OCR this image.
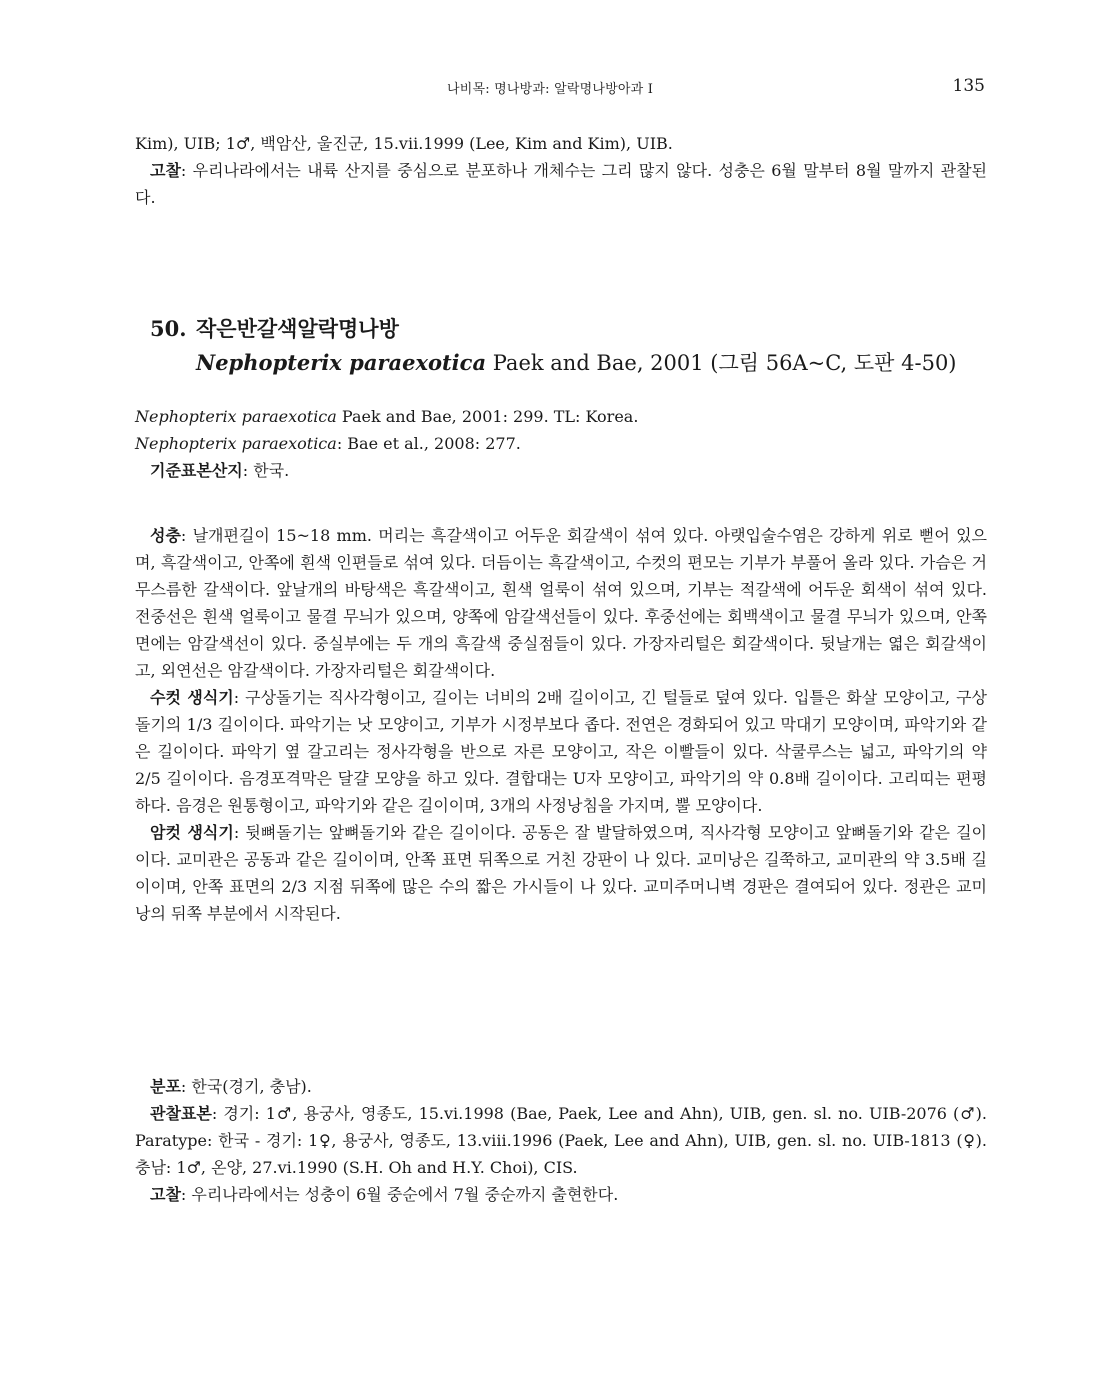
나비목: 명나방과: 알락명나방아과 I	135

Kim), UIB; 1♂, 백암산, 울진군, 15.vii.1999 (Lee, Kim and Kim), UIB.

고찰: 우리나라에서는 내륙 산지를 중심으로 분포하나 개체수는 그리 많지 않다. 성충은 6월 말부터 8월 말까지 관찰된다.

50. 작은반갈색알락명나방
Nephopterix paraexotica Paek and Bae, 2001 (그림 56A~C, 도판 4-50)

Nephopterix paraexotica Paek and Bae, 2001: 299. TL: Korea.

Nephopterix paraexotica: Bae et al., 2008: 277.

기준표본산지: 한국.

성충: 날개편길이 15~18 mm. 머리는 흑갈색이고 어두운 회갈색이 섞여 있다. 아랫입술수염은 강하게 위로 뻗어 있으며, 흑갈색이고, 안쪽에 흰색 인편들로 섞여 있다. 더듬이는 흑갈색이고, 수컷의 편모는 기부가 부풀어 올라 있다. 가슴은 거무스름한 갈색이다. 앞날개의 바탕색은 흑갈색이고, 흰색 얼룩이 섞여 있으며, 기부는 적갈색에 어두운 회색이 섞여 있다. 전중선은 흰색 얼룩이고 물결 무늬가 있으며, 양쪽에 암갈색선들이 있다. 후중선에는 회백색이고 물결 무늬가 있으며, 안쪽 면에는 암갈색선이 있다. 중실부에는 두 개의 흑갈색 중실점들이 있다. 가장자리털은 회갈색이다. 뒷날개는 엷은 회갈색이고, 외연선은 암갈색이다. 가장자리털은 회갈색이다.

수컷 생식기: 구상돌기는 직사각형이고, 길이는 너비의 2배 길이이고, 긴 털들로 덮여 있다. 입틀은 화살 모양이고, 구상돌기의 1/3 길이이다. 파악기는 낫 모양이고, 기부가 시정부보다 좁다. 전연은 경화되어 있고 막대기 모양이며, 파악기와 같은 길이이다. 파악기 옆 갈고리는 정사각형을 반으로 자른 모양이고, 작은 이빨들이 있다. 삭쿨루스는 넓고, 파악기의 약 2/5 길이이다. 음경포격막은 달걀 모양을 하고 있다. 결합대는 U자 모양이고, 파악기의 약 0.8배 길이이다. 고리띠는 편평하다. 음경은 원통형이고, 파악기와 같은 길이이며, 3개의 사정낭침을 가지며, 뿔 모양이다.

암컷 생식기: 뒷뼈돌기는 앞뼈돌기와 같은 길이이다. 공동은 잘 발달하였으며, 직사각형 모양이고 앞뼈돌기와 같은 길이이다. 교미관은 공동과 같은 길이이며, 안쪽 표면 뒤쪽으로 거친 강판이 나 있다. 교미낭은 길쭉하고, 교미관의 약 3.5배 길이이며, 안쪽 표면의 2/3 지점 뒤쪽에 많은 수의 짧은 가시들이 나 있다. 교미주머니벽 경판은 결여되어 있다. 정관은 교미낭의 뒤쪽 부분에서 시작된다.

분포: 한국(경기, 충남).

관찰표본: 경기: 1♂, 용궁사, 영종도, 15.vi.1998 (Bae, Paek, Lee and Ahn), UIB, gen. sl. no. UIB-2076 (♂). Paratype: 한국 - 경기: 1♀, 용궁사, 영종도, 13.viii.1996 (Paek, Lee and Ahn), UIB, gen. sl. no. UIB-1813 (♀). 충남: 1♂, 온양, 27.vi.1990 (S.H. Oh and H.Y. Choi), CIS.

고찰: 우리나라에서는 성충이 6월 중순에서 7월 중순까지 출현한다.
